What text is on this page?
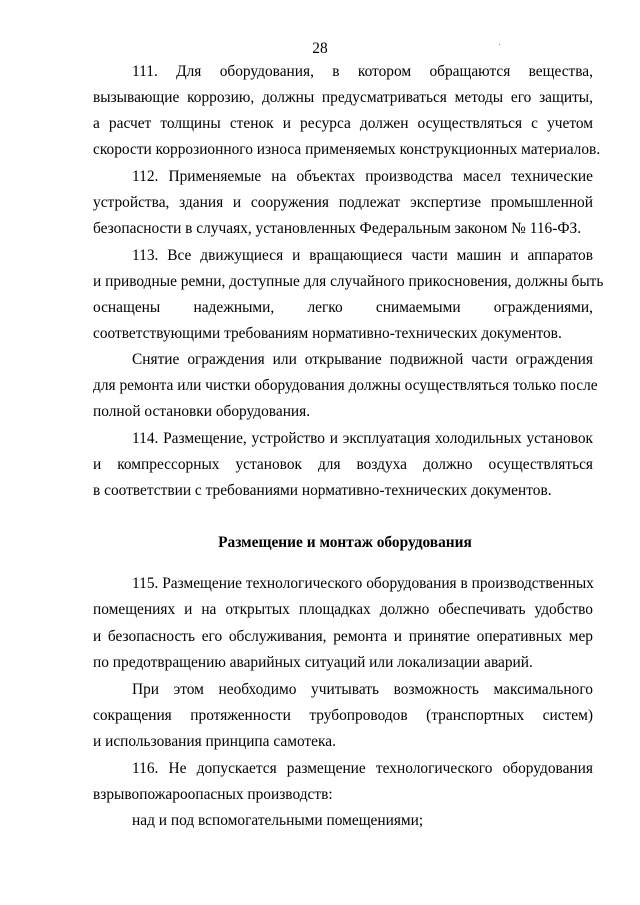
28
111. Для оборудования, в котором обращаются вещества,
вызывающие коррозию, должны предусматриваться методы его защиты,
а расчет толщины стенок и ресурса должен осуществляться с учетом
скорости коррозионного износа применяемых конструкционных материалов.
112. Применяемые на объектах производства масел технические
устройства, здания и сооружения подлежат экспертизе промышленной
безопасности в случаях, установленных Федеральным законом № 116-ФЗ.
113. Все движущиеся и вращающиеся части машин и аппаратов
и приводные ремни, доступные для случайного прикосновения, должны быть
оснащены надежными, легко снимаемыми ограждениями,
соответствующими требованиям нормативно-технических документов.
Снятие ограждения или открывание подвижной части ограждения
для ремонта или чистки оборудования должны осуществляться только после
полной остановки оборудования.
114. Размещение, устройство и эксплуатация холодильных установок
и компрессорных установок для воздуха должно осуществляться
в соответствии с требованиями нормативно-технических документов.
Размещение и монтаж оборудования
115. Размещение технологического оборудования в производственных
помещениях и на открытых площадках должно обеспечивать удобство
и безопасность его обслуживания, ремонта и принятие оперативных мер
по предотвращению аварийных ситуаций или локализации аварий.
При этом необходимо учитывать возможность максимального
сокращения протяженности трубопроводов (транспортных систем)
и использования принципа самотека.
116. Не допускается размещение технологического оборудования
взрывопожароопасных производств:
над и под вспомогательными помещениями;
